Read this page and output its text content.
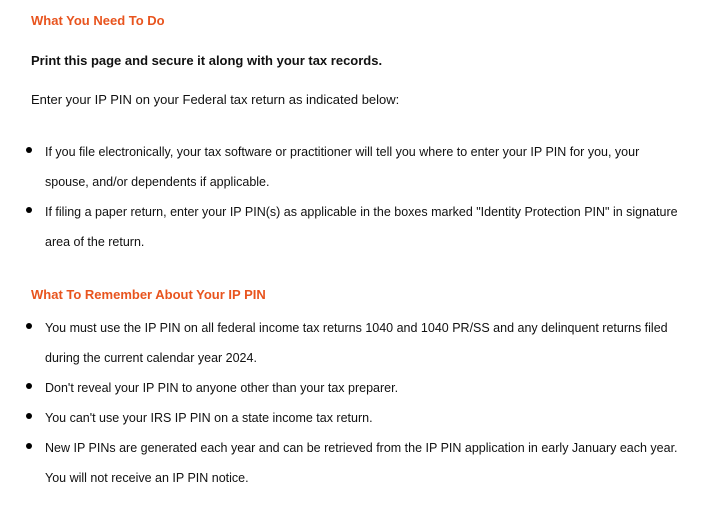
What You Need To Do

Print this page and secure it along with your tax records.

Enter your IP PIN on your Federal tax return as indicated below:

If you file electronically, your tax software or practitioner will tell you where to enter your IP PIN for you, your spouse, and/or dependents if applicable.
If filing a paper return, enter your IP PIN(s) as applicable in the boxes marked "Identity Protection PIN" in signature area of the return.
What To Remember About Your IP PIN
You must use the IP PIN on all federal income tax returns 1040 and 1040 PR/SS and any delinquent returns filed during the current calendar year 2024.
Don't reveal your IP PIN to anyone other than your tax preparer.
You can't use your IRS IP PIN on a state income tax return.
New IP PINs are generated each year and can be retrieved from the IP PIN application in early January each year. You will not receive an IP PIN notice.
